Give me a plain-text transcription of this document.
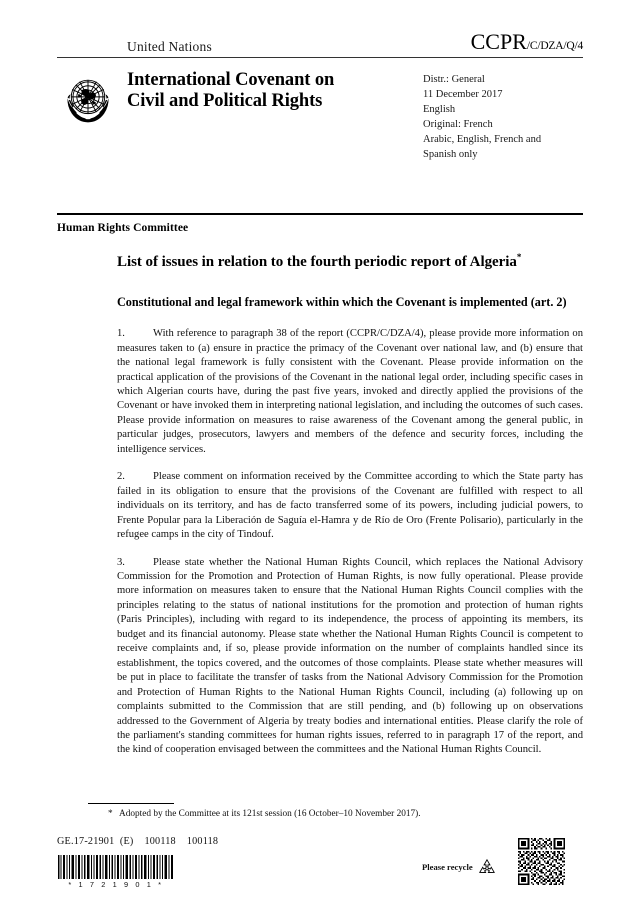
United Nations	CCPR/C/DZA/Q/4
International Covenant on
Civil and Political Rights
Distr.: General
11 December 2017
English
Original: French
Arabic, English, French and
Spanish only
Human Rights Committee
List of issues in relation to the fourth periodic report of Algeria*
Constitutional and legal framework within which the Covenant is implemented (art. 2)

1.	With reference to paragraph 38 of the report (CCPR/C/DZA/4), please provide more information on measures taken to (a) ensure in practice the primacy of the Covenant over national law, and (b) ensure that the national legal framework is fully consistent with the Covenant. Please provide information on the practical application of the provisions of the Covenant in the national legal order, including specific cases in which Algerian courts have, during the past five years, invoked and directly applied the provisions of the Covenant or have invoked them in interpreting national legislation, and including the outcomes of such cases. Please provide information on measures to raise awareness of the Covenant among the general public, in particular judges, prosecutors, lawyers and members of the defence and security forces, including the intelligence services.

2.	Please comment on information received by the Committee according to which the State party has failed in its obligation to ensure that the provisions of the Covenant are fulfilled with respect to all individuals on its territory, and has de facto transferred some of its powers, including judicial powers, to Frente Popular para la Liberación de Saguía el-Hamra y de Río de Oro (Frente Polisario), particularly in the refugee camps in the city of Tindouf.

3.	Please state whether the National Human Rights Council, which replaces the National Advisory Commission for the Promotion and Protection of Human Rights, is now fully operational. Please provide more information on measures taken to ensure that the National Human Rights Council complies with the principles relating to the status of national institutions for the promotion and protection of human rights (Paris Principles), including with regard to its independence, the process of appointing its members, its budget and its financial autonomy. Please state whether the National Human Rights Council is competent to receive complaints and, if so, please provide information on the number of complaints handled since its establishment, the topics covered, and the outcomes of those complaints. Please state whether measures will be put in place to facilitate the transfer of tasks from the National Advisory Commission for the Promotion and Protection of Human Rights to the National Human Rights Council, including (a) following up on complaints submitted to the Commission that are still pending, and (b) following up on observations addressed to the Government of Algeria by treaty bodies and international entities. Please clarify the role of the parliament's standing committees for human rights issues, referred to in paragraph 17 of the report, and the kind of cooperation envisaged between the committees and the National Human Rights Council.

* Adopted by the Committee at its 121st session (16 October–10 November 2017).
GE.17-21901  (E)    100118    100118
* 1 7 2 1 9 0 1 *
Please recycle
